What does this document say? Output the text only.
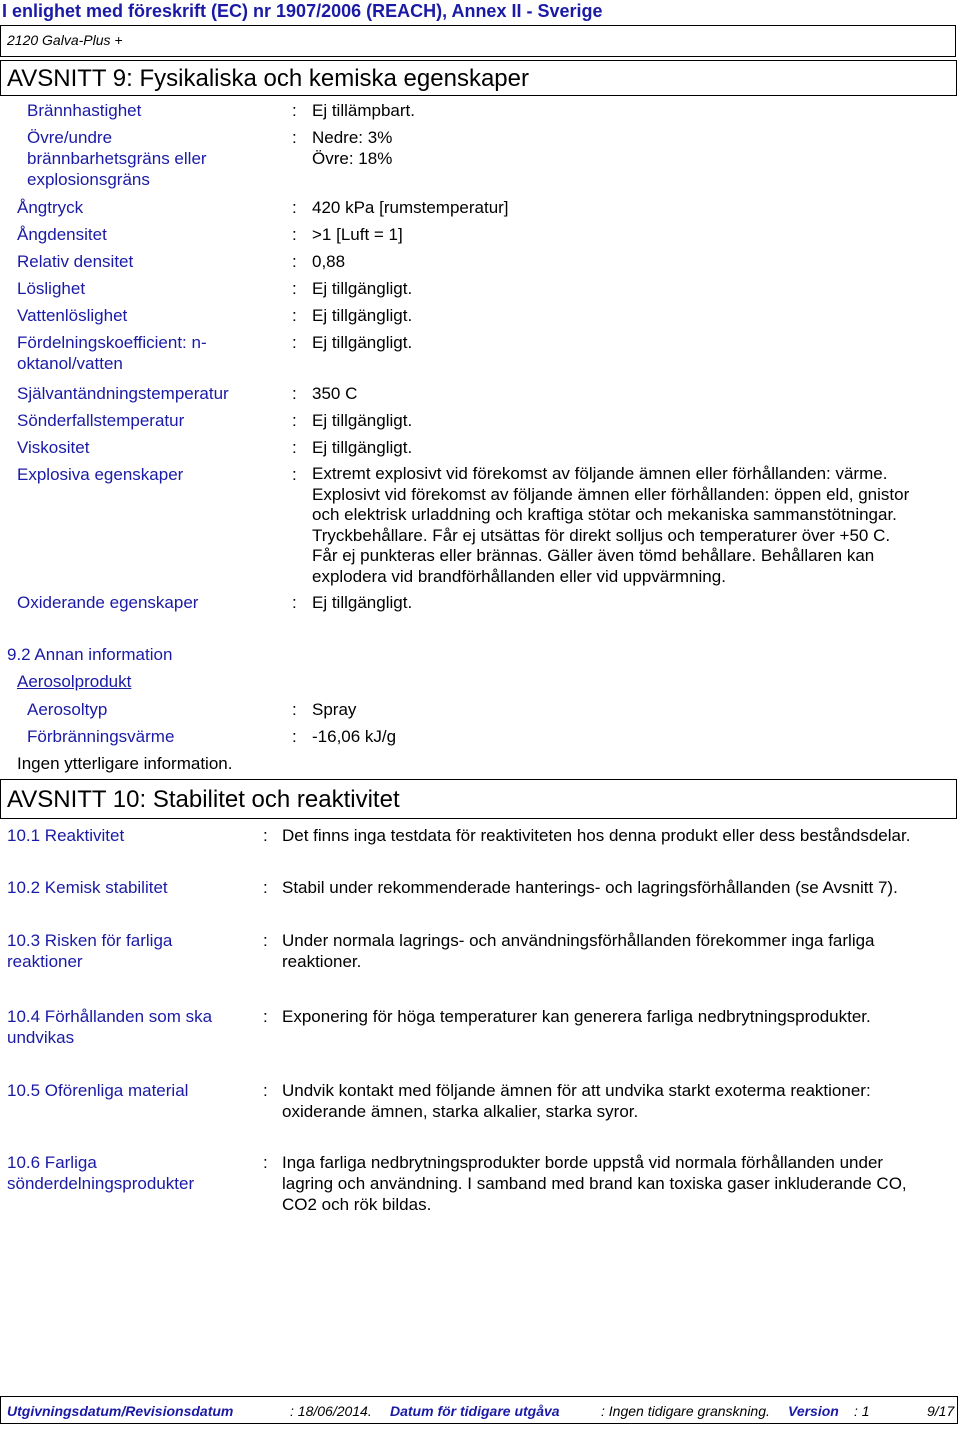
I enlighet med föreskrift (EC) nr 1907/2006 (REACH), Annex II - Sverige
2120 Galva-Plus +
AVSNITT 9: Fysikaliska och kemiska egenskaper
Brännhastighet	: Ej tillämpbart.
Övre/undre
brännbarhetsgräns eller
explosionsgräns
: Nedre: 3%
Övre: 18%
Ångtryck	: 420 kPa [rumstemperatur]
Ångdensitet	: >1 [Luft = 1]
Relativ densitet	: 0,88
Löslighet	: Ej tillgängligt.
Vattenlöslighet	: Ej tillgängligt.
Fördelningskoefficient: n-
oktanol/vatten
: Ej tillgängligt.
Självantändningstemperatur	: 350 C
Sönderfallstemperatur	: Ej tillgängligt.
Viskositet	: Ej tillgängligt.
Explosiva egenskaper	: Extremt explosivt vid förekomst av följande ämnen eller förhållanden: värme.
Explosivt vid förekomst av följande ämnen eller förhållanden: öppen eld, gnistor
och elektrisk urladdning och kraftiga stötar och mekaniska sammanstötningar.
Tryckbehållare. Får ej utsättas för direkt solljus och temperaturer över +50 C.
Får ej punkteras eller brännas. Gäller även tömd behållare. Behållaren kan
explodera vid brandförhållanden eller vid uppvärmning.
Oxiderande egenskaper	: Ej tillgängligt.
9.2 Annan information
Aerosolprodukt
Aerosoltyp	: Spray
Förbränningsvärme	: -16,06 kJ/g
Ingen ytterligare information.
AVSNITT 10: Stabilitet och reaktivitet
10.1 Reaktivitet	: Det finns inga testdata för reaktiviteten hos denna produkt eller dess beståndsdelar.
10.2 Kemisk stabilitet	: Stabil under rekommenderade hanterings- och lagringsförhållanden (se Avsnitt 7).
10.3 Risken för farliga
reaktioner
: Under normala lagrings- och användningsförhållanden förekommer inga farliga
reaktioner.
10.4 Förhållanden som ska
undvikas
: Exponering för höga temperaturer kan generera farliga nedbrytningsprodukter.
10.5 Oförenliga material	: Undvik kontakt med följande ämnen för att undvika starkt exoterma reaktioner:
oxiderande ämnen, starka alkalier, starka syror.
10.6 Farliga
sönderdelningsprodukter
: Inga farliga nedbrytningsprodukter borde uppstå vid normala förhållanden under
lagring och användning. I samband med brand kan toxiska gaser inkluderande CO,
CO2 och rök bildas.
Utgivningsdatum/Revisionsdatum	: 18/06/2014. Datum för tidigare utgåva	: Ingen tidigare granskning. Version : 1	9/17
